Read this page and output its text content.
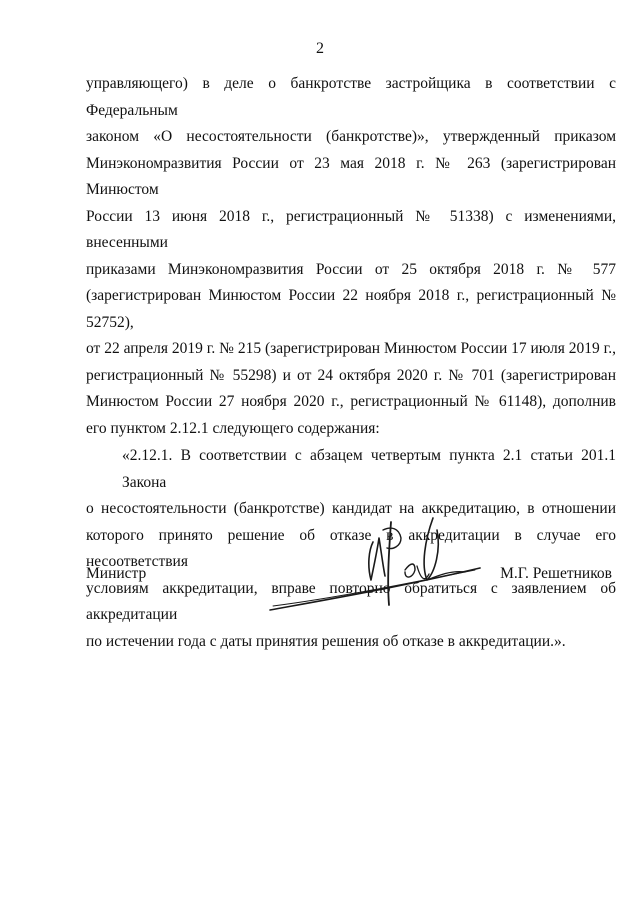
2
управляющего) в деле о банкротстве застройщика в соответствии с Федеральным
законом «О несостоятельности (банкротстве)», утвержденный приказом
Минэкономразвития России от 23 мая 2018 г. № 263 (зарегистрирован Минюстом
России 13 июня 2018 г., регистрационный № 51338) с изменениями, внесенными
приказами Минэкономразвития России от 25 октября 2018 г. № 577
(зарегистрирован Минюстом России 22 ноября 2018 г., регистрационный № 52752),
от 22 апреля 2019 г. № 215 (зарегистрирован Минюстом России 17 июля 2019 г.,
регистрационный № 55298) и от 24 октября 2020 г. № 701 (зарегистрирован
Минюстом России 27 ноября 2020 г., регистрационный № 61148), дополнив
его пунктом 2.12.1 следующего содержания:
«2.12.1. В соответствии с абзацем четвертым пункта 2.1 статьи 201.1 Закона
о несостоятельности (банкротстве) кандидат на аккредитацию, в отношении
которого принято решение об отказе в аккредитации в случае его несоответствия
условиям аккредитации, вправе повторно обратиться с заявлением об аккредитации
по истечении года с даты принятия решения об отказе в аккредитации.».
Министр	М.Г. Решетников
